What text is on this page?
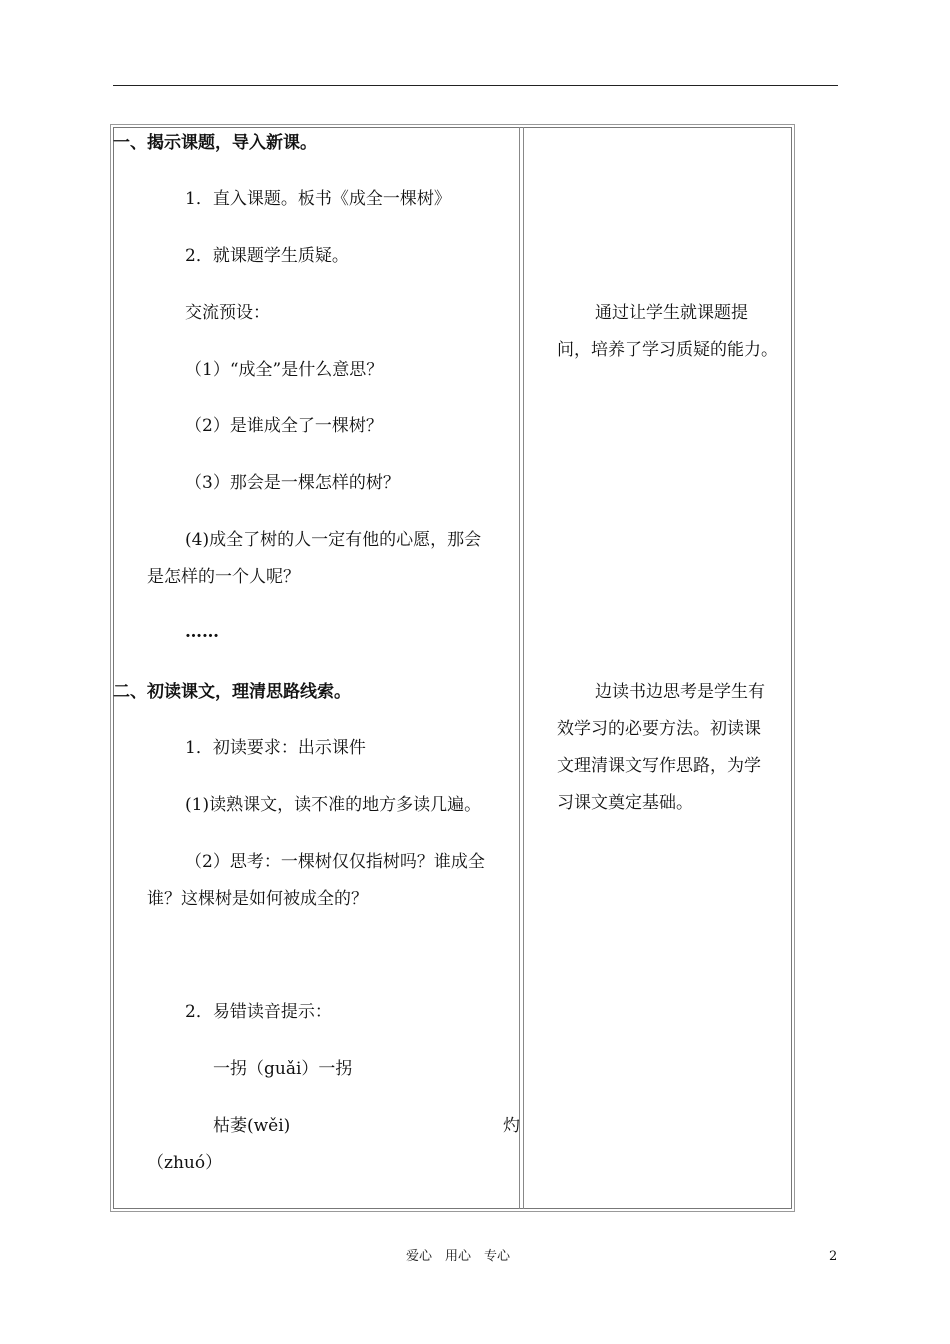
一、揭示课题，导入新课。
1．直入课题。板书《成全一棵树》
2．就课题学生质疑。
交流预设：
（1）“成全”是什么意思？
（2）是谁成全了一棵树？
（3）那会是一棵怎样的树？
(4)成全了树的人一定有他的心愿，那会
是怎样的一个人呢？
……
二、初读课文，理清思路线索。
1．初读要求：出示课件
(1)读熟课文，读不准的地方多读几遍。
（2）思考：一棵树仅仅指树吗？谁成全
谁？这棵树是如何被成全的？
2．易错读音提示：
一拐（guǎi）一拐
枯萎(wěi)	灼
（zhuó）
通过让学生就课题提
问，培养了学习质疑的能力。
边读书边思考是学生有
效学习的必要方法。初读课
文理清课文写作思路，为学
习课文奠定基础。
爱心　用心　专心	2
